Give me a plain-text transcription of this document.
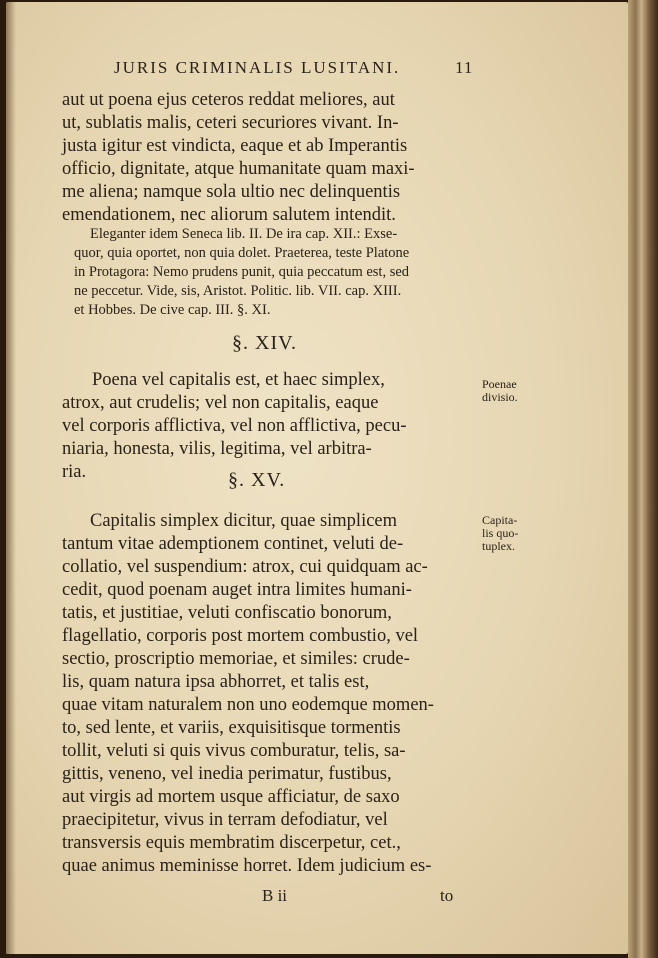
JURIS CRIMINALIS LUSITANI.	11
aut ut poena ejus ceteros reddat meliores, aut
ut, sublatis malis, ceteri securiores vivant. In-
justa igitur est vindicta, eaque et ab Imperantis
officio, dignitate, atque humanitate quam maxi-
me aliena; namque sola ultio nec delinquentis
emendationem, nec aliorum salutem intendit.
Eleganter idem Seneca lib. II. De ira cap. XII.: Exse-
quor, quia oportet, non quia dolet. Praeterea, teste Platone
in Protagora: Nemo prudens punit, quia peccatum est, sed
ne peccetur. Vide, sis, Aristot. Politic. lib. VII. cap. XIII.
et Hobbes. De cive cap. III. §. XI.
§. XIV.
Poena vel capitalis est, et haec simplex,
atrox, aut crudelis; vel non capitalis, eaque
vel corporis afflictiva, vel non afflictiva, pecu-
niaria, honesta, vilis, legitima, vel arbitra-
ria.
Poenae
divisio.
§. XV.
Capitalis simplex dicitur, quae simplicem
tantum vitae ademptionem continet, veluti de-
collatio, vel suspendium: atrox, cui quidquam ac-
cedit, quod poenam auget intra limites humani-
tatis, et justitiae, veluti confiscatio bonorum,
flagellatio, corporis post mortem combustio, vel
sectio, proscriptio memoriae, et similes: crude-
lis, quam natura ipsa abhorret, et talis est,
quae vitam naturalem non uno eodemque momen-
to, sed lente, et variis, exquisitisque tormentis
tollit, veluti si quis vivus comburatur, telis, sa-
gittis, veneno, vel inedia perimatur, fustibus,
aut virgis ad mortem usque afficiatur, de saxo
praecipitetur, vivus in terram defodiatur, vel
transversis equis membratim discerpetur, cet.,
quae animus meminisse horret. Idem judicium es-
Capita-
lis quo-
tuplex.
B ii	to
